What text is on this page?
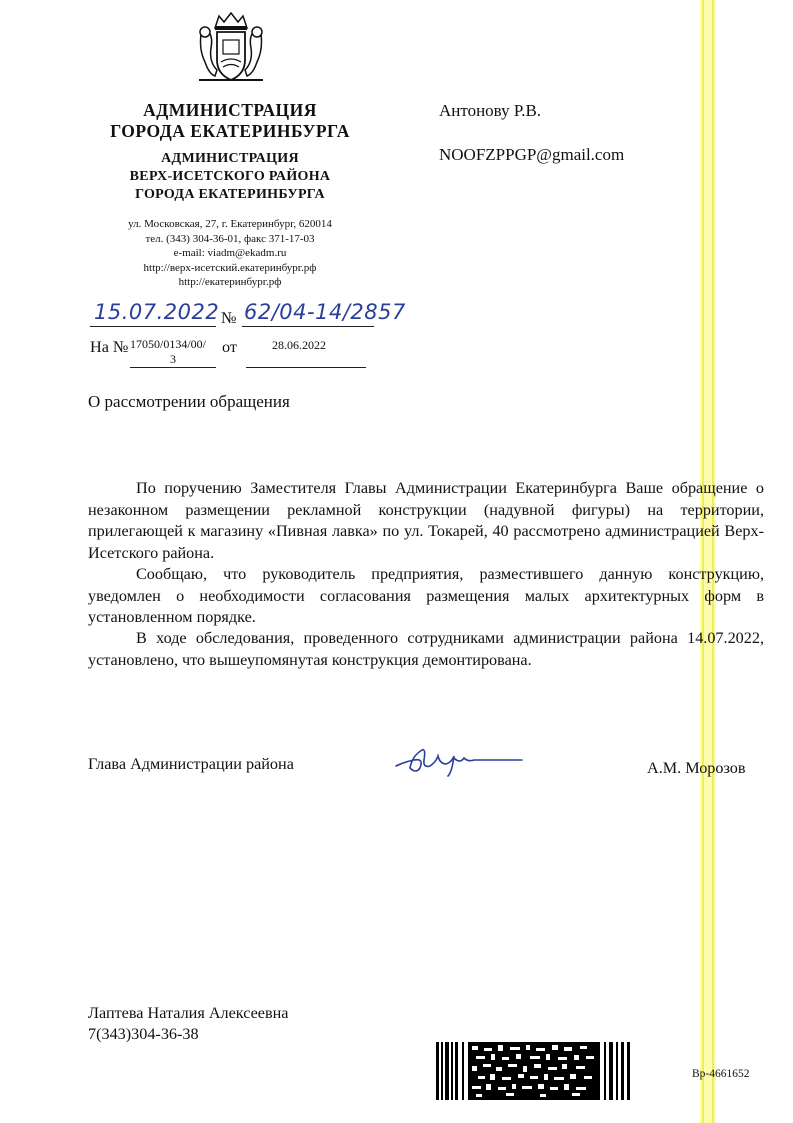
АДМИНИСТРАЦИЯ
ГОРОДА ЕКАТЕРИНБУРГА
АДМИНИСТРАЦИЯ
ВЕРХ-ИСЕТСКОГО РАЙОНА
ГОРОДА ЕКАТЕРИНБУРГА
ул. Московская, 27, г. Екатеринбург, 620014
тел. (343) 304-36-01, факс 371-17-03
e-mail: viadm@ekadm.ru
http://верх-исетский.екатеринбург.рф
http://екатеринбург.рф
15.07.2022 № 62/04-14/2857
На № 17050/0134/00/
3
от	28.06.2022
Антонову Р.В.
NOOFZPPGP@gmail.com
О рассмотрении обращения
По поручению Заместителя Главы Администрации Екатеринбурга Ваше обращение о незаконном размещении рекламной конструкции (надувной фигуры) на территории, прилегающей к магазину «Пивная лавка» по ул. Токарей, 40 рассмотрено администрацией Верх-Исетского района.
Сообщаю, что руководитель предприятия, разместившего данную конструкцию, уведомлен о необходимости согласования размещения малых архитектурных форм в установленном порядке.
В ходе обследования, проведенного сотрудниками администрации района 14.07.2022, установлено, что вышеупомянутая конструкция демонтирована.
Глава Администрации района	А.М. Морозов
Лаптева Наталия Алексеевна
7(343)304-36-38
Вр-4661652
